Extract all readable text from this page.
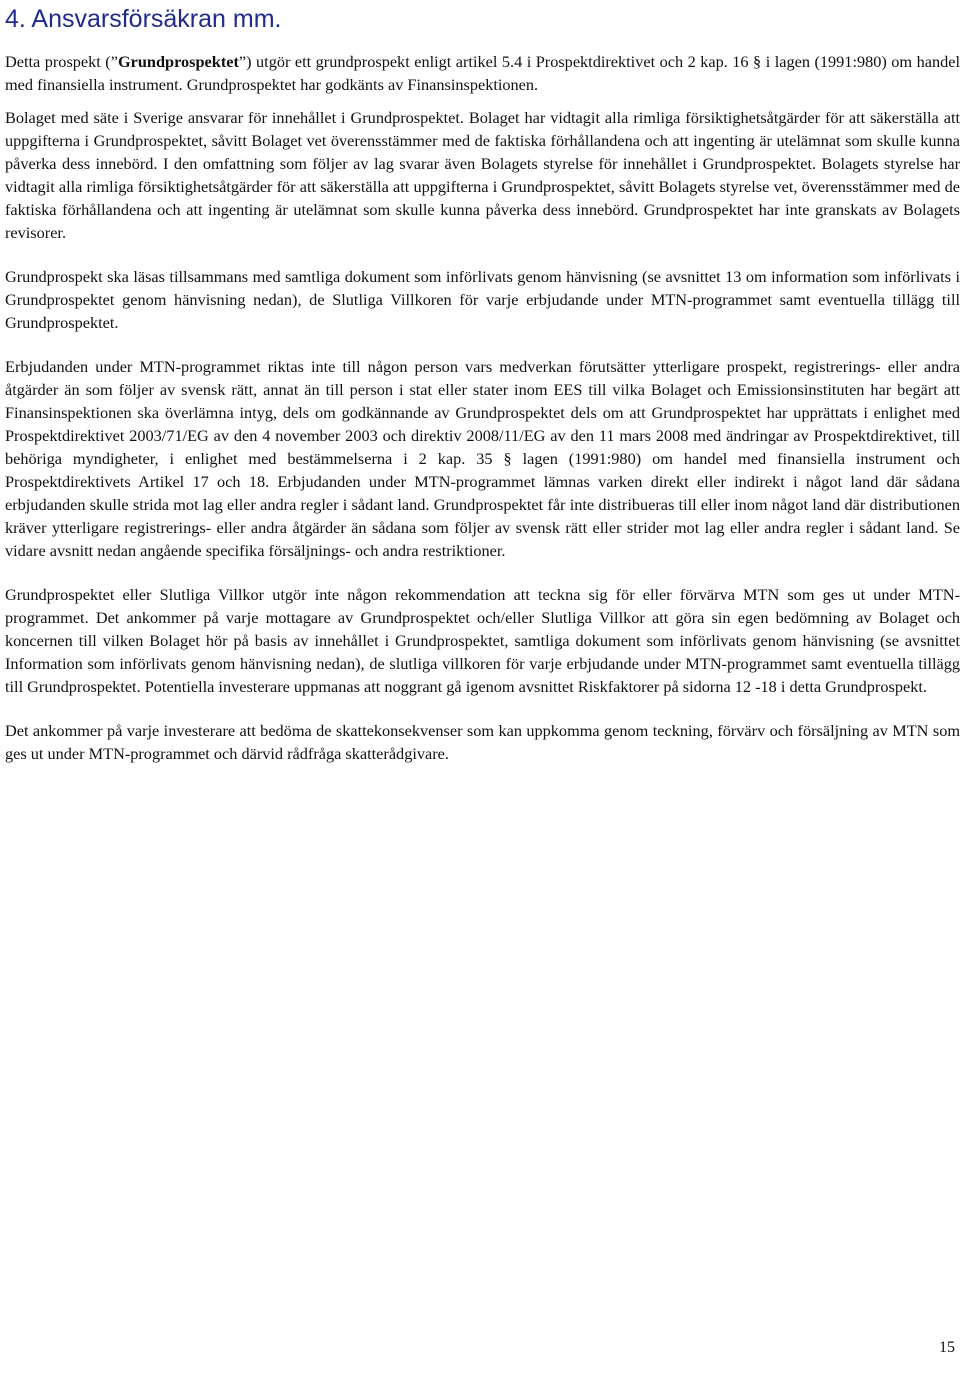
4. Ansvarsförsäkran mm.

Detta prospekt (”Grundprospektet”) utgör ett grundprospekt enligt artikel 5.4 i Prospektdirektivet och 2 kap. 16 § i lagen (1991:980) om handel med finansiella instrument. Grundprospektet har godkänts av Finansinspektionen.

Bolaget med säte i Sverige ansvarar för innehållet i Grundprospektet. Bolaget har vidtagit alla rimliga försiktighetsåtgärder för att säkerställa att uppgifterna i Grundprospektet, såvitt Bolaget vet överensstämmer med de faktiska förhållandena och att ingenting är utelämnat som skulle kunna påverka dess innebörd. I den omfattning som följer av lag svarar även Bolagets styrelse för innehållet i Grundprospektet. Bolagets styrelse har vidtagit alla rimliga försiktighetsåtgärder för att säkerställa att uppgifterna i Grundprospektet, såvitt Bolagets styrelse vet, överensstämmer med de faktiska förhållandena och att ingenting är utelämnat som skulle kunna påverka dess innebörd. Grundprospektet har inte granskats av Bolagets revisorer.

Grundprospekt ska läsas tillsammans med samtliga dokument som införlivats genom hänvisning (se avsnittet 13 om information som införlivats i Grundprospektet genom hänvisning nedan), de Slutliga Villkoren för varje erbjudande under MTN-programmet samt eventuella tillägg till Grundprospektet.

Erbjudanden under MTN-programmet riktas inte till någon person vars medverkan förutsätter ytterligare prospekt, registrerings- eller andra åtgärder än som följer av svensk rätt, annat än till person i stat eller stater inom EES till vilka Bolaget och Emissionsinstituten har begärt att Finansinspektionen ska överlämna intyg, dels om godkännande av Grundprospektet dels om att Grundprospektet har upprättats i enlighet med Prospektdirektivet 2003/71/EG av den 4 november 2003 och direktiv 2008/11/EG av den 11 mars 2008 med ändringar av Prospektdirektivet, till behöriga myndigheter, i enlighet med bestämmelserna i 2 kap. 35 § lagen (1991:980) om handel med finansiella instrument och Prospektdirektivets Artikel 17 och 18. Erbjudanden under MTN-programmet lämnas varken direkt eller indirekt i något land där sådana erbjudanden skulle strida mot lag eller andra regler i sådant land. Grundprospektet får inte distribueras till eller inom något land där distributionen kräver ytterligare registrerings- eller andra åtgärder än sådana som följer av svensk rätt eller strider mot lag eller andra regler i sådant land. Se vidare avsnitt nedan angående specifika försäljnings- och andra restriktioner.

Grundprospektet eller Slutliga Villkor utgör inte någon rekommendation att teckna sig för eller förvärva MTN som ges ut under MTN-programmet. Det ankommer på varje mottagare av Grundprospektet och/eller Slutliga Villkor att göra sin egen bedömning av Bolaget och koncernen till vilken Bolaget hör på basis av innehållet i Grundprospektet, samtliga dokument som införlivats genom hänvisning (se avsnittet Information som införlivats genom hänvisning nedan), de slutliga villkoren för varje erbjudande under MTN-programmet samt eventuella tillägg till Grundprospektet. Potentiella investerare uppmanas att noggrant gå igenom avsnittet Riskfaktorer på sidorna 12 -18 i detta Grundprospekt.

Det ankommer på varje investerare att bedöma de skattekonsekvenser som kan uppkomma genom teckning, förvärv och försäljning av MTN som ges ut under MTN-programmet och därvid rådfråga skatterådgivare.

15
